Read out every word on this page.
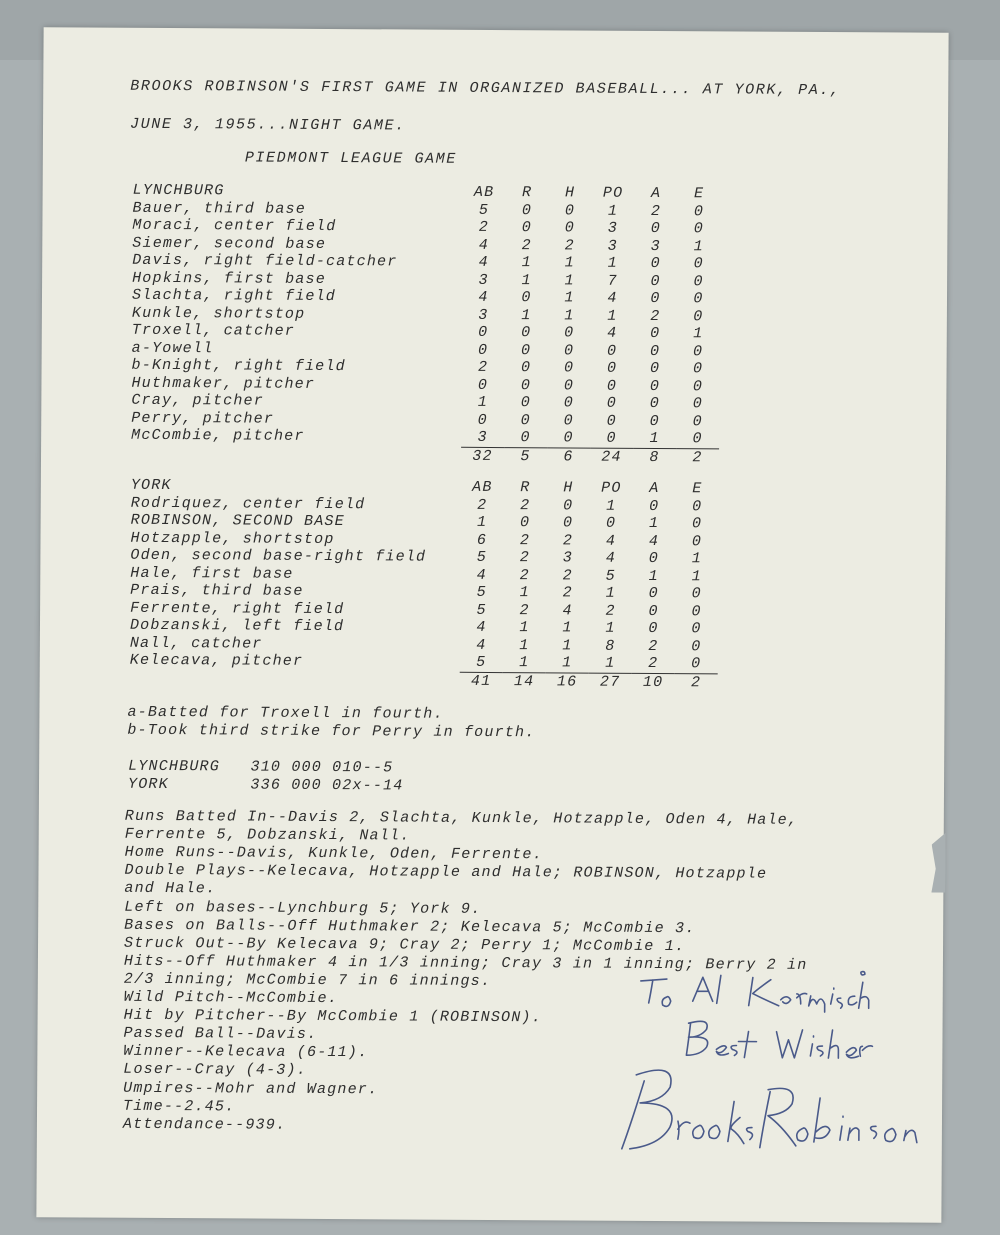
BROOKS ROBINSON'S FIRST GAME IN ORGANIZED BASEBALL... AT YORK, PA.,
JUNE 3, 1955...NIGHT GAME.
PIEDMONT LEAGUE GAME
LYNCHBURG	AB	R	H	PO	A	E
Bauer, third base	5	0	0	1	2	0
Moraci, center field	2	0	0	3	0	0
Siemer, second base	4	2	2	3	3	1
Davis, right field-catcher	4	1	1	1	0	0
Hopkins, first base	3	1	1	7	0	0
Slachta, right field	4	0	1	4	0	0
Kunkle, shortstop	3	1	1	1	2	0
Troxell, catcher	0	0	0	4	0	1
a-Yowell	0	0	0	0	0	0
b-Knight, right field	2	0	0	0	0	0
Huthmaker, pitcher	0	0	0	0	0	0
Cray, pitcher	1	0	0	0	0	0
Perry, pitcher	0	0	0	0	0	0
McCombie, pitcher	3	0	0	0	1	0
	32	5	6	24	8	2
YORK	AB	R	H	PO	A	E
Rodriquez, center field	2	2	0	1	0	0
ROBINSON, SECOND BASE	1	0	0	0	1	0
Hotzapple, shortstop	6	2	2	4	4	0
Oden, second base-right field	5	2	3	4	0	1
Hale, first base	4	2	2	5	1	1
Prais, third base	5	1	2	1	0	0
Ferrente, right field	5	2	4	2	0	0
Dobzanski, left field	4	1	1	1	0	0
Nall, catcher	4	1	1	8	2	0
Kelecava, pitcher	5	1	1	1	2	0
	41	14	16	27	10	2
a-Batted for Troxell in fourth.
b-Took third strike for Perry in fourth.
LYNCHBURG   310 000 010--5
YORK        336 000 02x--14
Runs Batted In--Davis 2, Slachta, Kunkle, Hotzapple, Oden 4, Hale,
Ferrente 5, Dobzanski, Nall.
Home Runs--Davis, Kunkle, Oden, Ferrente.
Double Plays--Kelecava, Hotzapple and Hale; ROBINSON, Hotzapple
and Hale.
Left on bases--Lynchburg 5; York 9.
Bases on Balls--Off Huthmaker 2; Kelecava 5; McCombie 3.
Struck Out--By Kelecava 9; Cray 2; Perry 1; McCombie 1.
Hits--Off Huthmaker 4 in 1/3 inning; Cray 3 in 1 inning; Berry 2 in
2/3 inning; McCombie 7 in 6 innings.
Wild Pitch--McCombie.
Hit by Pitcher--By McCombie 1 (ROBINSON).
Passed Ball--Davis.
Winner--Kelecava (6-11).
Loser--Cray (4-3).
Umpires--Mohr and Wagner.
Time--2.45.
Attendance--939.
